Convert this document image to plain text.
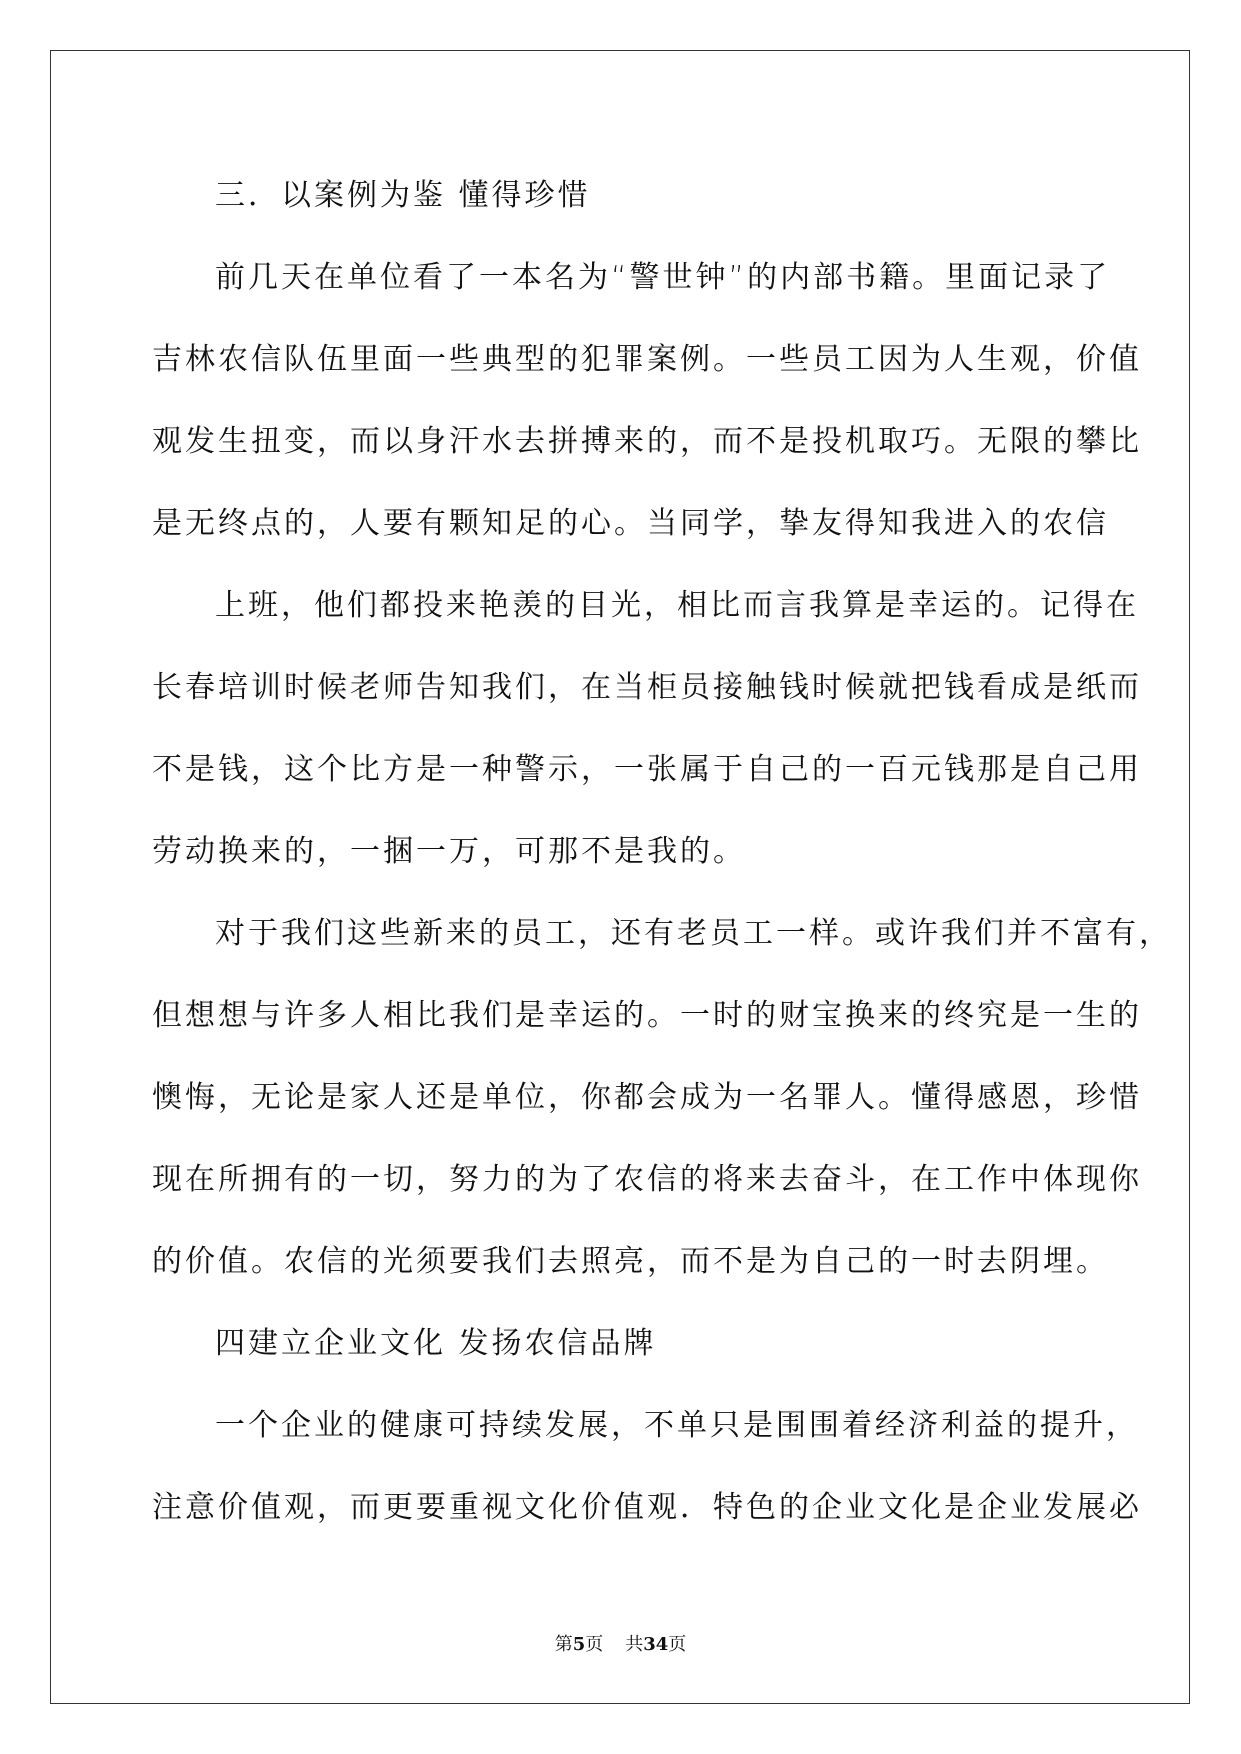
三．以案例为鉴 懂得珍惜
前几天在单位看了一本名为“警世钟”的内部书籍。里面记录了
吉林农信队伍里面一些典型的犯罪案例。一些员工因为人生观，价值
观发生扭变，而以身汗水去拼搏来的，而不是投机取巧。无限的攀比
是无终点的，人要有颗知足的心。当同学，挚友得知我进入的农信
上班，他们都投来艳羡的目光，相比而言我算是幸运的。记得在
长春培训时候老师告知我们，在当柜员接触钱时候就把钱看成是纸而
不是钱，这个比方是一种警示，一张属于自己的一百元钱那是自己用
劳动换来的，一捆一万，可那不是我的。
对于我们这些新来的员工，还有老员工一样。或许我们并不富有，
但想想与许多人相比我们是幸运的。一时的财宝换来的终究是一生的
懊悔，无论是家人还是单位，你都会成为一名罪人。懂得感恩，珍惜
现在所拥有的一切，努力的为了农信的将来去奋斗，在工作中体现你
的价值。农信的光须要我们去照亮，而不是为自己的一时去阴埋。
四建立企业文化 发扬农信品牌
一个企业的健康可持续发展，不单只是围围着经济利益的提升，
注意价值观，而更要重视文化价值观．特色的企业文化是企业发展必
第5页 共34页
